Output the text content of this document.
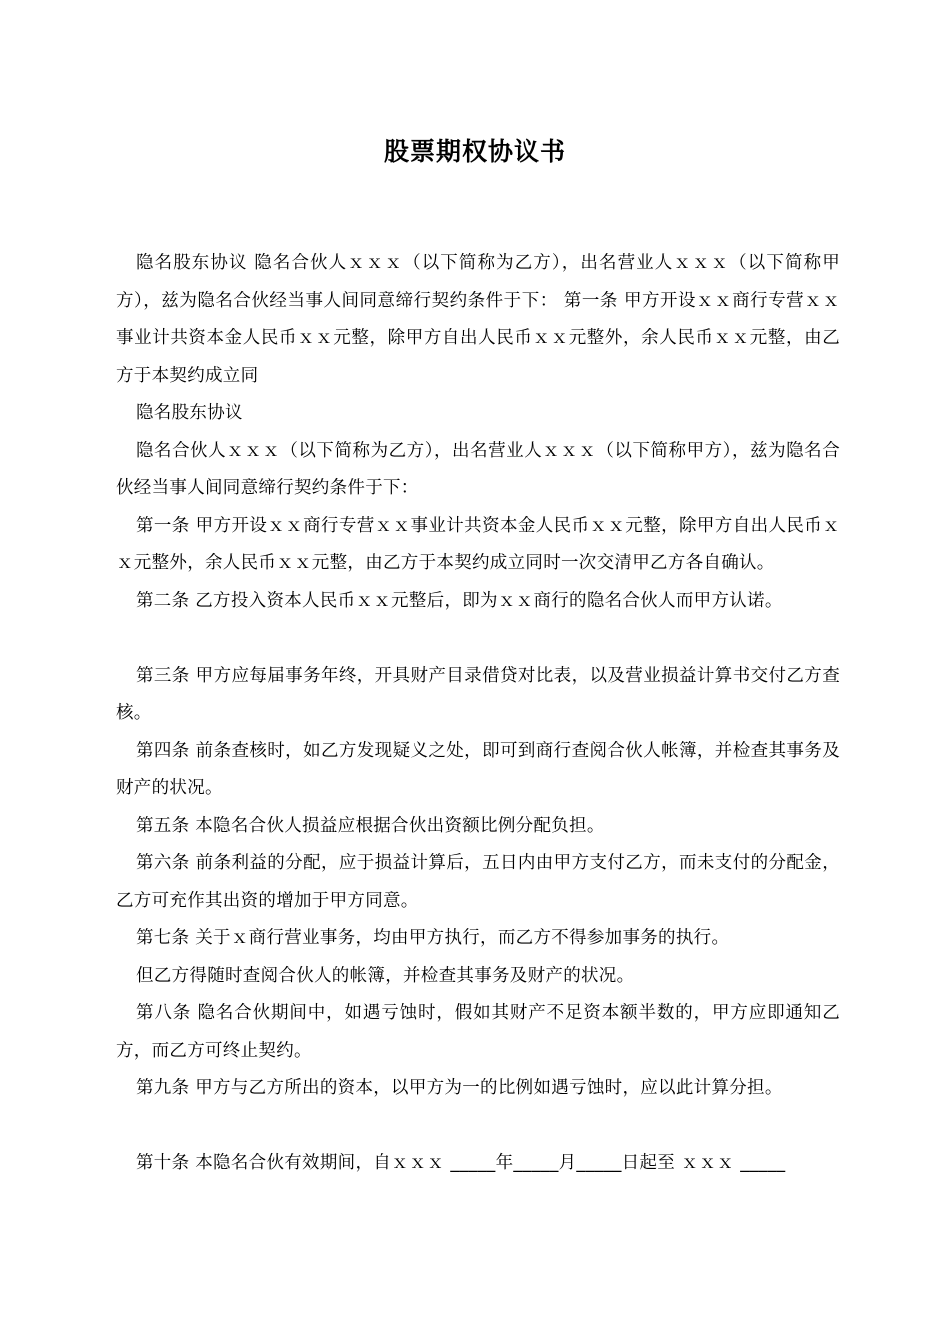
股票期权协议书

隐名股东协议 隐名合伙人ｘｘｘ（以下简称为乙方），出名营业人ｘｘｘ（以下简称甲方），兹为隐名合伙经当事人间同意缔行契约条件于下： 第一条 甲方开设ｘｘ商行专营ｘｘ事业计共资本金人民币ｘｘ元整，除甲方自出人民币ｘｘ元整外，余人民币ｘｘ元整，由乙方于本契约成立同

隐名股东协议

隐名合伙人ｘｘｘ（以下简称为乙方），出名营业人ｘｘｘ（以下简称甲方），兹为隐名合伙经当事人间同意缔行契约条件于下：

第一条 甲方开设ｘｘ商行专营ｘｘ事业计共资本金人民币ｘｘ元整，除甲方自出人民币ｘｘ元整外，余人民币ｘｘ元整，由乙方于本契约成立同时一次交清甲乙方各自确认。

第二条 乙方投入资本人民币ｘｘ元整后，即为ｘｘ商行的隐名合伙人而甲方认诺。

第三条 甲方应每届事务年终，开具财产目录借贷对比表，以及营业损益计算书交付乙方查核。

第四条 前条查核时，如乙方发现疑义之处，即可到商行查阅合伙人帐簿，并检查其事务及财产的状况。

第五条 本隐名合伙人损益应根据合伙出资额比例分配负担。

第六条 前条利益的分配，应于损益计算后，五日内由甲方支付乙方，而未支付的分配金，乙方可充作其出资的增加于甲方同意。

第七条 关于ｘ商行营业事务，均由甲方执行，而乙方不得参加事务的执行。

但乙方得随时查阅合伙人的帐簿，并检查其事务及财产的状况。

第八条 隐名合伙期间中，如遇亏蚀时，假如其财产不足资本额半数的，甲方应即通知乙方，而乙方可终止契约。

第九条 甲方与乙方所出的资本，以甲方为一的比例如遇亏蚀时，应以此计算分担。

第十条 本隐名合伙有效期间，自ｘｘｘ _____年_____月_____日起至 ｘｘｘ _____
